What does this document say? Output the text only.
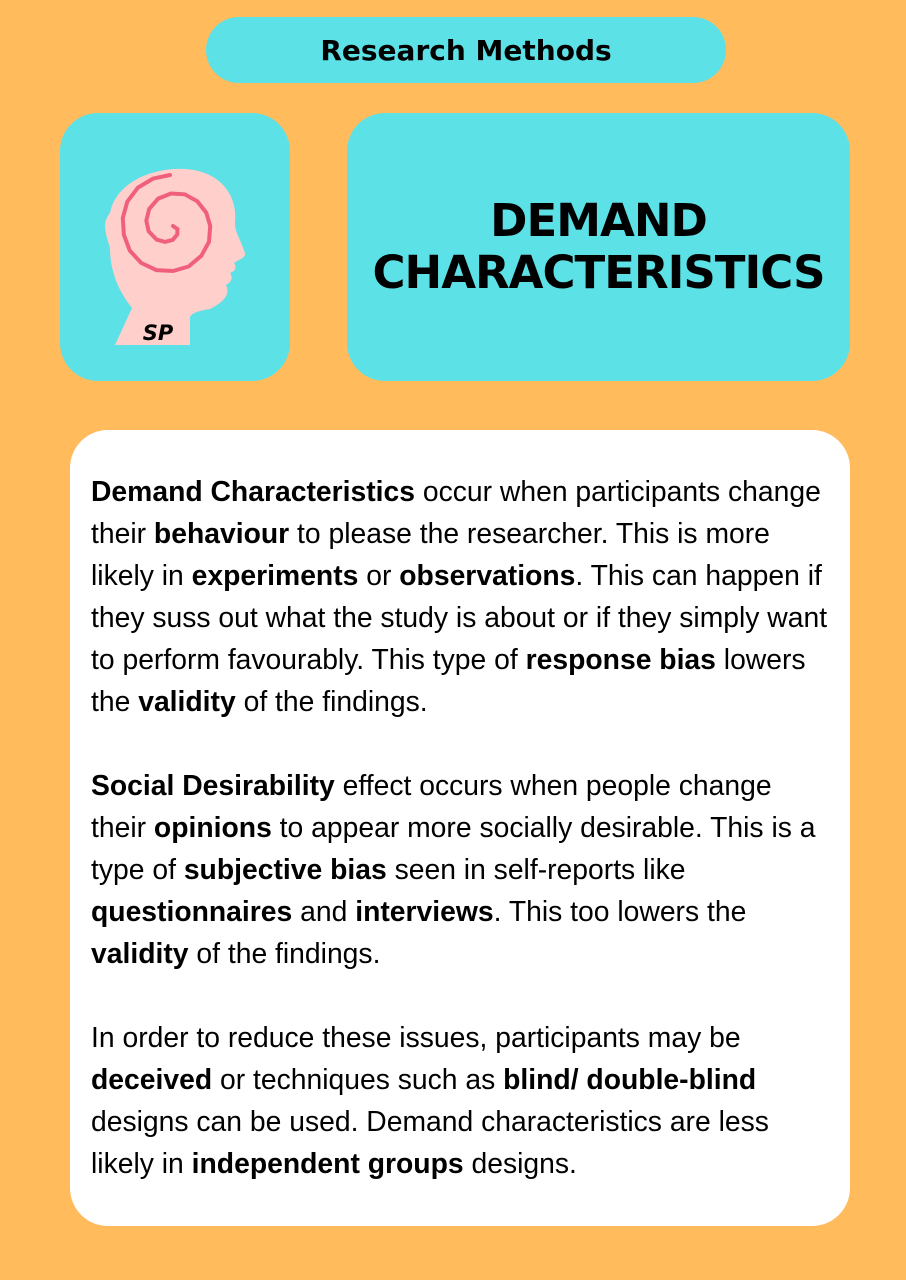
Research Methods
SP
DEMAND
CHARACTERISTICS

Demand Characteristics occur when participants change their behaviour to please the researcher. This is more likely in experiments or observations. This can happen if they suss out what the study is about or if they simply want to perform favourably. This type of response bias lowers the validity of the findings.

Social Desirability effect occurs when people change their opinions to appear more socially desirable. This is a type of subjective bias seen in self-reports like questionnaires and interviews. This too lowers the validity of the findings.

In order to reduce these issues, participants may be deceived or techniques such as blind/ double-blind designs can be used. Demand characteristics are less likely in independent groups designs.
